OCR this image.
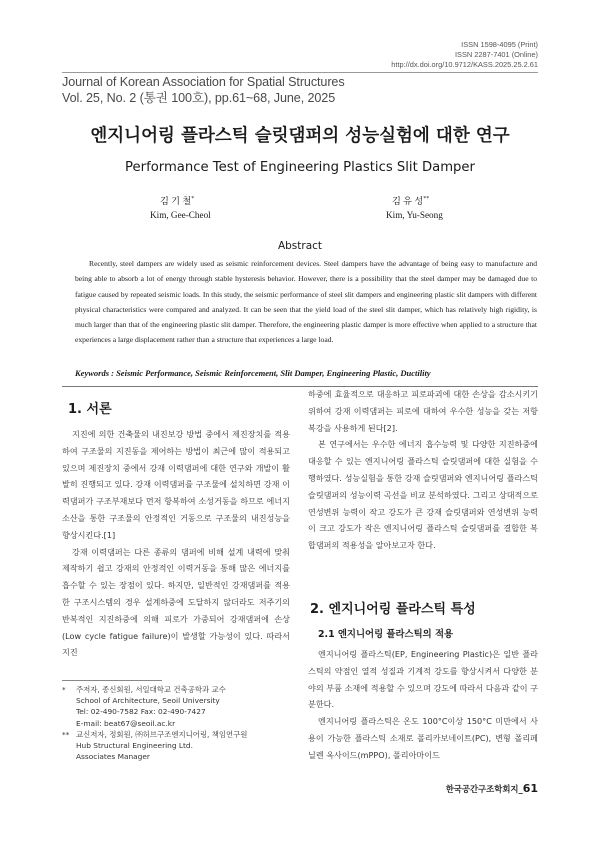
ISSN 1598-4095 (Print)
ISSN 2287-7401 (Online)
http://dx.doi.org/10.9712/KASS.2025.25.2.61
Journal of Korean Association for Spatial Structures
Vol. 25, No. 2 (통권 100호), pp.61~68, June, 2025
엔지니어링 플라스틱 슬릿댐퍼의 성능실험에 대한 연구
Performance Test of Engineering Plastics Slit Damper
김 기 철*
Kim, Gee-Cheol
김 유 성**
Kim, Yu-Seong
Abstract
Recently, steel dampers are widely used as seismic reinforcement devices. Steel dampers have the advantage of being easy to manufacture and being able to absorb a lot of energy through stable hysteresis behavior. However, there is a possibility that the steel damper may be damaged due to fatigue caused by repeated seismic loads. In this study, the seismic performance of steel slit dampers and engineering plastic slit dampers with different physical characteristics were compared and analyzed. It can be seen that the yield load of the steel slit damper, which has relatively high rigidity, is much larger than that of the engineering plastic slit damper. Therefore, the engineering plastic damper is more effective when applied to a structure that experiences a large displacement rather than a structure that experiences a large load.
Keywords : Seismic Performance, Seismic Reinforcement, Slit Damper, Engineering Plastic, Ductility
1. 서론

지진에 의한 건축물의 내진보강 방법 중에서 제진장치를 적용하여 구조물의 지진동을 제어하는 방법이 최근에 많이 적용되고 있으며 제진장치 중에서 강재 이력댐퍼에 대한 연구와 개발이 활발히 진행되고 있다. 강재 이력댐퍼를 구조물에 설치하면 강재 이력댐퍼가 구조부재보다 먼저 항복하여 소성거동을 하므로 에너지 소산을 통한 구조물의 안정적인 거동으로 구조물의 내진성능을 향상시킨다.[1]

강재 이력댐퍼는 다른 종류의 댐퍼에 비해 설계 내력에 맞춰 제작하기 쉽고 강재의 안정적인 이력거동을 통해 많은 에너지를 흡수할 수 있는 장점이 있다. 하지만, 일반적인 강재댐퍼를 적용한 구조시스템의 경우 설계하중에 도달하지 않더라도 저주기의 반복적인 지진하중에 의해 피로가 가중되어 강재댐퍼에 손상(Low cycle fatigue failure)이 발생할 가능성이 있다. 따라서 지진

하중에 효율적으로 대응하고 피로파괴에 대한 손상을 감소시키기 위하여 강재 이력댐퍼는 피로에 대하여 우수한 성능을 갖는 저항복강을 사용하게 된다[2].

본 연구에서는 우수한 에너지 흡수능력 및 다양한 지진하중에 대응할 수 있는 엔지니어링 플라스틱 슬릿댐퍼에 대한 실험을 수행하였다. 성능실험을 통한 강재 슬릿댐퍼와 엔지니어링 플라스틱 슬릿댐퍼의 성능이력 곡선을 비교 분석하였다. 그리고 상대적으로 연성변위 능력이 작고 강도가 큰 강재 슬릿댐퍼와 연성변위 능력이 크고 강도가 작은 엔지니어링 플라스틱 슬릿댐퍼를 결합한 복합댐퍼의 적용성을 알아보고자 한다.

2. 엔지니어링 플라스틱 특성
2.1 엔지니어링 플라스틱의 적용

엔지니어링 플라스틱(EP, Engineering Plastic)은 일반 플라스틱의 약점인 열적 성질과 기계적 강도를 향상시켜서 다양한 분야의 부품 소재에 적용할 수 있으며 강도에 따라서 다음과 같이 구분한다.

엔지니어링 플라스틱은 온도 100°C이상 150°C 미만에서 사용이 가능한 플라스틱 소재로 폴리카보네이트(PC), 변형 폴리페닐렌 옥사이드(mPPO), 폴리아마이드

* 주저자, 종신회원, 서일대학교 건축공학과 교수
School of Architecture, Seoil University
Tel: 02-490-7582 Fax: 02-490-7427
E-mail: beat67@seoil.ac.kr
** 교신저자, 정회원, ㈜허브구조엔지니어링, 책임연구원
Hub Structural Engineering Ltd.
Associates Manager
한국공간구조학회지_61
